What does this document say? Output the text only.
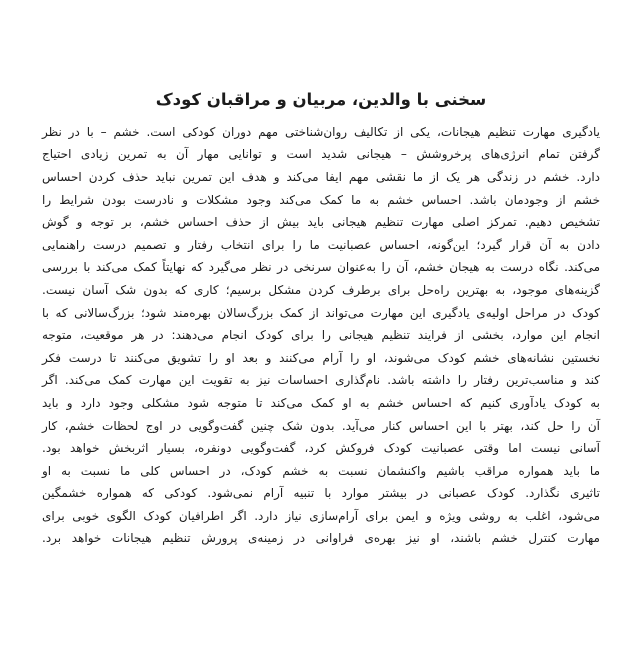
سخنی با والدین، مربیان و مراقبان کودک
یادگیری مهارت تنظیم هیجانات، یکی از تکالیف روان‌شناختی مهم دوران کودکی است. خشم – با در نظر
گرفتن تمام انرژی‌های پرخروشش – هیجانی شدید است و توانایی مهار آن به تمرین زیادی احتیاج
دارد. خشم در زندگی هر یک از ما نقشی مهم ایفا می‌کند و هدف این تمرین نباید حذف کردن احساس
خشم از وجودمان باشد. احساس خشم به ما کمک می‌کند وجود مشکلات و نادرست بودن شرایط را
تشخیص دهیم. تمرکز اصلی مهارت تنظیم هیجانی باید بیش از حذف احساس خشم، بر توجه و گوش
دادن به آن قرار گیرد؛ این‌گونه، احساس عصبانیت ما را برای انتخاب رفتار و تصمیم درست راهنمایی
می‌کند. نگاه درست به هیجان خشم، آن را به‌عنوان سرنخی در نظر می‌گیرد که نهایتاً کمک می‌کند با بررسی
گزینه‌های موجود، به بهترین راه‌حل برای برطرف کردن مشکل برسیم؛ کاری که بدون شک آسان نیست.
کودک در مراحل اولیه‌ی یادگیری این مهارت می‌تواند از کمک بزرگ‌سالان بهره‌مند شود؛ بزرگ‌سالانی که با
انجام این موارد، بخشی از فرایند تنظیم هیجانی را برای کودک انجام می‌دهند: در هر موقعیت، متوجه
نخستین نشانه‌های خشم کودک می‌شوند، او را آرام می‌کنند و بعد او را تشویق می‌کنند تا درست فکر
کند و مناسب‌ترین رفتار را داشته باشد. نام‌گذاری احساسات نیز به تقویت این مهارت کمک می‌کند. اگر
به کودک یادآوری کنیم که احساس خشم به او کمک می‌کند تا متوجه شود مشکلی وجود دارد و باید
آن را حل کند، بهتر با این احساس کنار می‌آید. بدون شک چنین گفت‌وگویی در اوج لحظات خشم، کار
آسانی نیست اما وقتی عصبانیت کودک فروکش کرد، گفت‌وگویی دونفره، بسیار اثربخش خواهد بود.
ما باید همواره مراقب باشیم واکنشمان نسبت به خشم کودک، در احساس کلی ما نسبت به او
تاثیری نگذارد. کودک عصبانی در بیشتر موارد با تنبیه آرام نمی‌شود. کودکی که همواره خشمگین
می‌شود، اغلب به روشی ویژه و ایمن برای آرام‌سازی نیاز دارد. اگر اطرافیان کودک الگوی خوبی برای
مهارت کنترل خشم باشند، او نیز بهره‌ی فراوانی در زمینه‌ی پرورش تنظیم هیجانات خواهد برد.
